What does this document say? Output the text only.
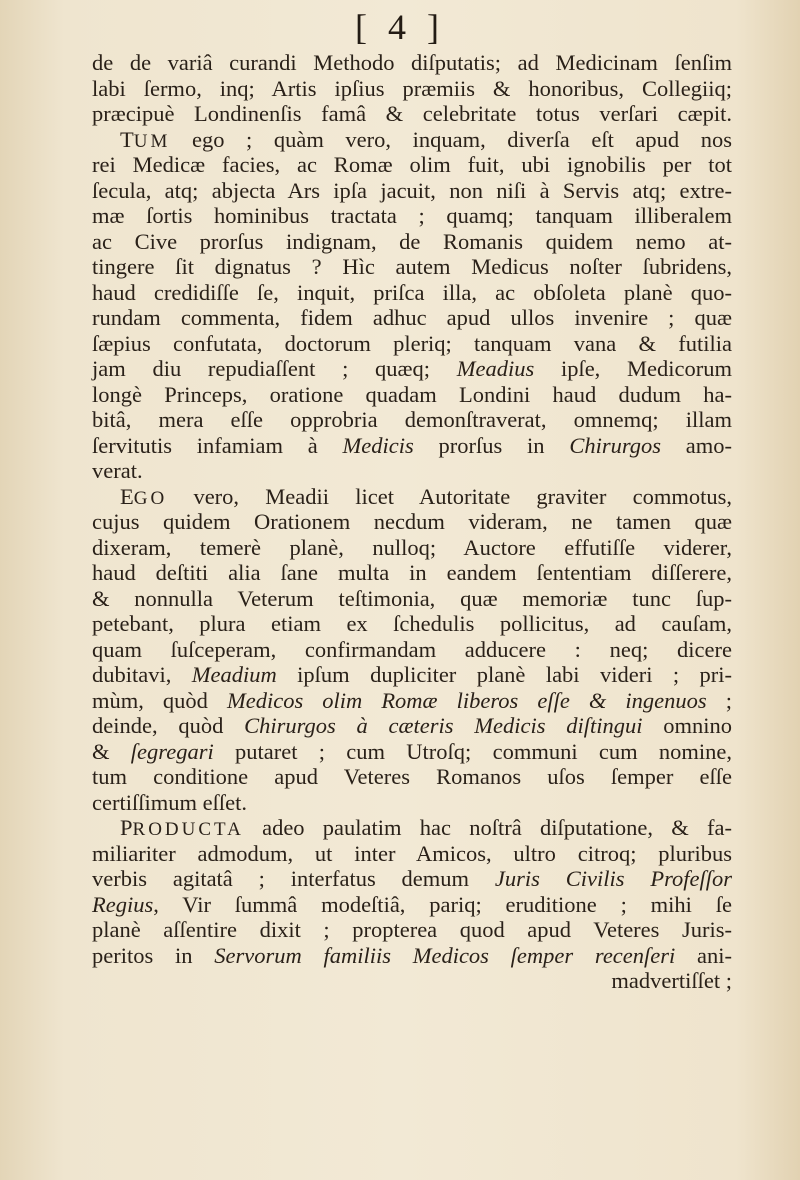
[ 4 ]
de de variâ curandi Methodo diſputatis; ad Medicinam ſenſim
labi ſermo, inq; Artis ipſius præmiis & honoribus, Collegiiq;
præcipuè Londinenſis famâ & celebritate totus verſari cæpit.
TUM ego ; quàm vero, inquam, diverſa eſt apud nos
rei Medicæ facies, ac Romæ olim fuit, ubi ignobilis per tot
ſecula, atq; abjecta Ars ipſa jacuit, non niſi à Servis atq; extre-
mæ ſortis hominibus tractata ; quamq; tanquam illiberalem
ac Cive prorſus indignam, de Romanis quidem nemo at-
tingere ſit dignatus ? Hìc autem Medicus noſter ſubridens,
haud credidiſſe ſe, inquit, priſca illa, ac obſoleta planè quo-
rundam commenta, fidem adhuc apud ullos invenire ; quæ
ſæpius confutata, doctorum pleriq; tanquam vana & futilia
jam diu repudiaſſent ; quæq; Meadius ipſe, Medicorum
longè Princeps, oratione quadam Londini haud dudum ha-
bitâ, mera eſſe opprobria demonſtraverat, omnemq; illam
ſervitutis infamiam à Medicis prorſus in Chirurgos amo-
verat.
EGO vero, Meadii licet Autoritate graviter commotus,
cujus quidem Orationem necdum videram, ne tamen quæ
dixeram, temerè planè, nulloq; Auctore effutiſſe viderer,
haud deſtiti alia ſane multa in eandem ſententiam diſſerere,
& nonnulla Veterum teſtimonia, quæ memoriæ tunc ſup-
petebant, plura etiam ex ſchedulis pollicitus, ad cauſam,
quam ſuſceperam, confirmandam adducere : neq; dicere
dubitavi, Meadium ipſum dupliciter planè labi videri ; pri-
mùm, quòd Medicos olim Romæ liberos eſſe & ingenuos ;
deinde, quòd Chirurgos à cæteris Medicis diſtingui omnino
& ſegregari putaret ; cum Utroſq; communi cum nomine,
tum conditione apud Veteres Romanos uſos ſemper eſſe
certiſſimum eſſet.
PRODUCTA adeo paulatim hac noſtrâ diſputatione, & fa-
miliariter admodum, ut inter Amicos, ultro citroq; pluribus
verbis agitatâ ; interfatus demum Juris Civilis Profeſſor
Regius, Vir ſummâ modeſtiâ, pariq; eruditione ; mihi ſe
planè aſſentire dixit ; propterea quod apud Veteres Juris-
peritos in Servorum familiis Medicos ſemper recenſeri ani-
madvertiſſet ;
